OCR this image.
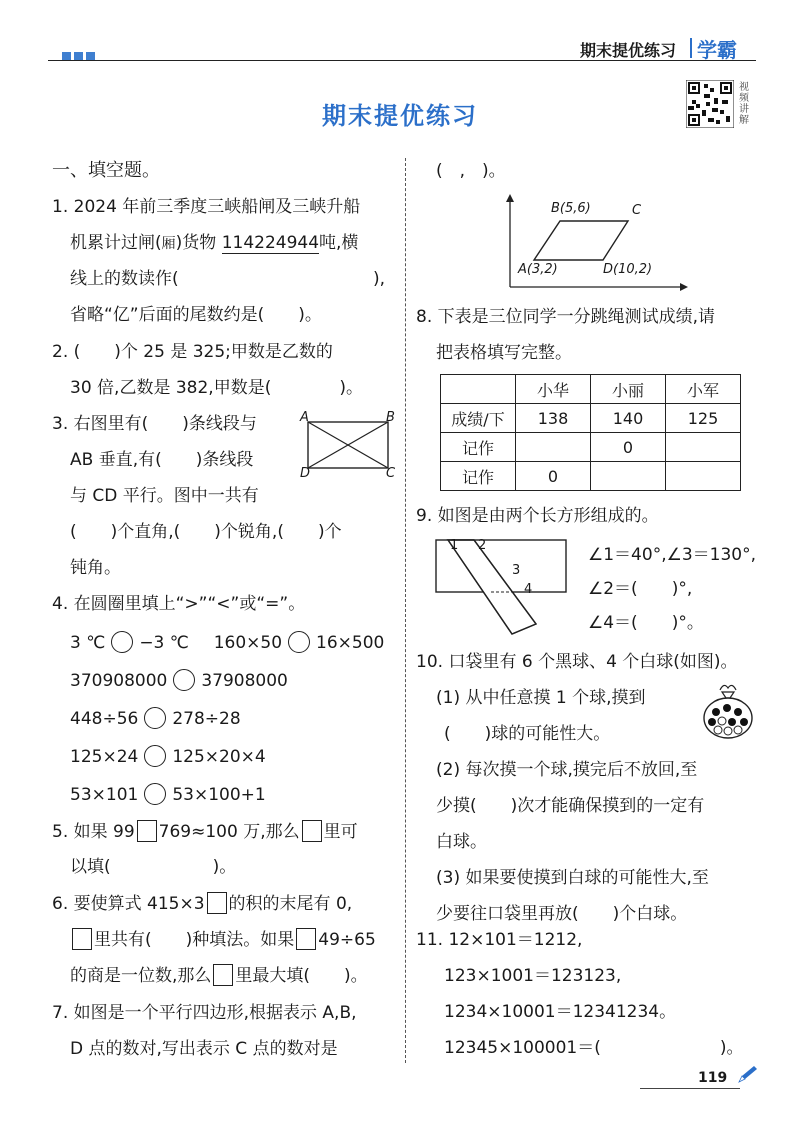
期末提优练习 学霸
视频讲解
期末提优练习
一、填空题。
1. 2024 年前三季度三峡船闸及三峡升船
机累计过闸(厢)货物 114224944吨,横
线上的数读作(	),
省略“亿”后面的尾数约是(　　)。
2. (　　)个 25 是 325;甲数是乙数的
30 倍,乙数是 382,甲数是(　　　　)。
3. 右图里有(　　)条线段与
AB 垂直,有(　　)条线段
与 CD 平行。图中一共有
(　　)个直角,(　　)个锐角,(　　)个
钝角。
A	B
D	C
4. 在圆圈里填上“>”“<”或“=”。
3 ℃ −3 ℃ 160×50 16×500
370908000 37908000
448÷56 278÷28
125×24 125×20×4
53×101 53×100+1
5. 如果 99 769≈100 万,那么 里可
以填(　　　　　　)。
6. 要使算式 415×3 的积的末尾有 0,
里共有(　　)种填法。如果 49÷65
的商是一位数,那么 里最大填(　　)。
7. 如图是一个平行四边形,根据表示 A,B,
D 点的数对,写出表示 C 点的数对是
(　,　)。
B(5,6)	C
A(3,2)	D(10,2)
8. 下表是三位同学一分跳绳测试成绩,请
把表格填写完整。
	小华	小丽	小军
成绩/下	138	140	125
记作		0	
记作	0		
9. 如图是由两个长方形组成的。
1 2
3
4
∠1＝40°,∠3＝130°,
∠2＝(　　)°,
∠4＝(　　)°。
10. 口袋里有 6 个黑球、4 个白球(如图)。
(1) 从中任意摸 1 个球,摸到
(　　)球的可能性大。
(2) 每次摸一个球,摸完后不放回,至
少摸(　　)次才能确保摸到的一定有
白球。
(3) 如果要使摸到白球的可能性大,至
少要往口袋里再放(　　)个白球。
11. 12×101＝1212,
123×1001＝123123,
1234×10001＝12341234。
12345×100001＝(　　　　　　　)。
119
